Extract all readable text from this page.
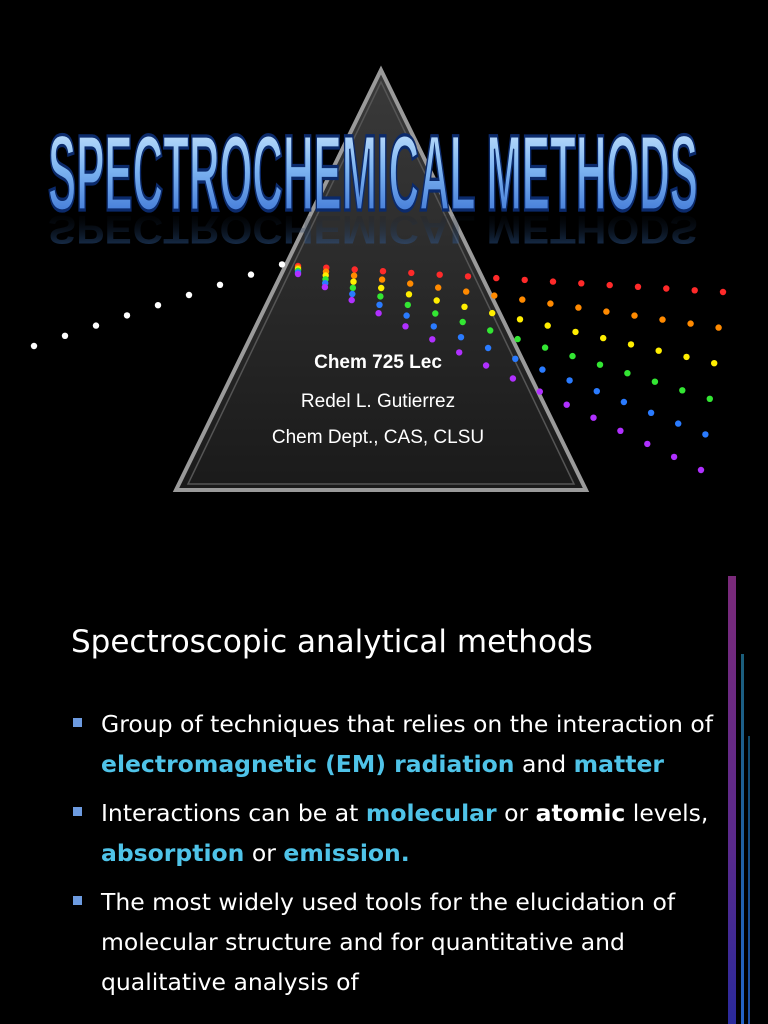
SPECTROCHEMICAL METHODS
SPECTROCHEMICAL METHODS
Chem 725 Lec
Redel L. Gutierrez
Chem Dept., CAS, CLSU
Spectroscopic analytical methods
Group of techniques that relies on the interaction of electromagnetic (EM) radiation and matter
Interactions can be at molecular or atomic levels, absorption or emission.
The most widely used tools for the elucidation of molecular structure and for quantitative and qualitative analysis of
